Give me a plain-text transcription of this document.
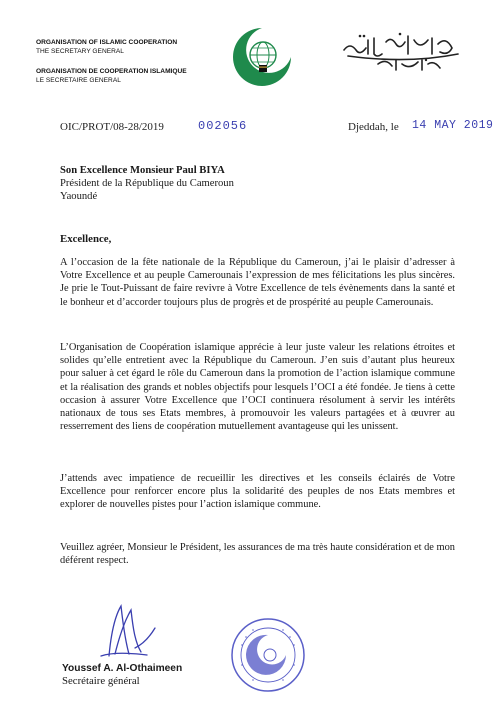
ORGANISATION OF ISLAMIC COOPERATION
THE SECRETARY GENERAL
ORGANISATION DE COOPERATION ISLAMIQUE
LE SECRETAIRE GENERAL
OIC/PROT/08-28/2019	002056	Djeddah, le 14 MAY 2019
Son Excellence Monsieur Paul BIYA
Président de la République du Cameroun
Yaoundé
Excellence,
A l’occasion de la fête nationale de la République du Cameroun, j’ai le plaisir d’adresser à Votre Excellence et au peuple Camerounais l’expression de mes félicitations les plus sincères. Je prie le Tout-Puissant de faire revivre à Votre Excellence de tels évènements dans la santé et le bonheur et d’accorder toujours plus de progrès et de prospérité au peuple Camerounais.
L’Organisation de Coopération islamique apprécie à leur juste valeur les relations étroites et solides qu’elle entretient avec la République du Cameroun. J’en suis d’autant plus heureux pour saluer à cet égard le rôle du Cameroun dans la promotion de l’action islamique commune et la réalisation des grands et nobles objectifs pour lesquels l’OCI a été fondée. Je tiens à cette occasion à assurer Votre Excellence que l’OCI continuera résolument à servir les intérêts nationaux de tous ses Etats membres, à promouvoir les valeurs partagées et à œuvrer au resserrement des liens de coopération mutuellement avantageuse qui les unissent.
J’attends avec impatience de recueillir les directives et les conseils éclairés de Votre Excellence pour renforcer encore plus la solidarité des peuples de nos Etats membres et explorer de nouvelles pistes pour l’action islamique commune.
Veuillez agréer, Monsieur le Président, les assurances de ma très haute considération et de mon déférent respect.
Youssef A. Al-Othaimeen
Secrétaire général
